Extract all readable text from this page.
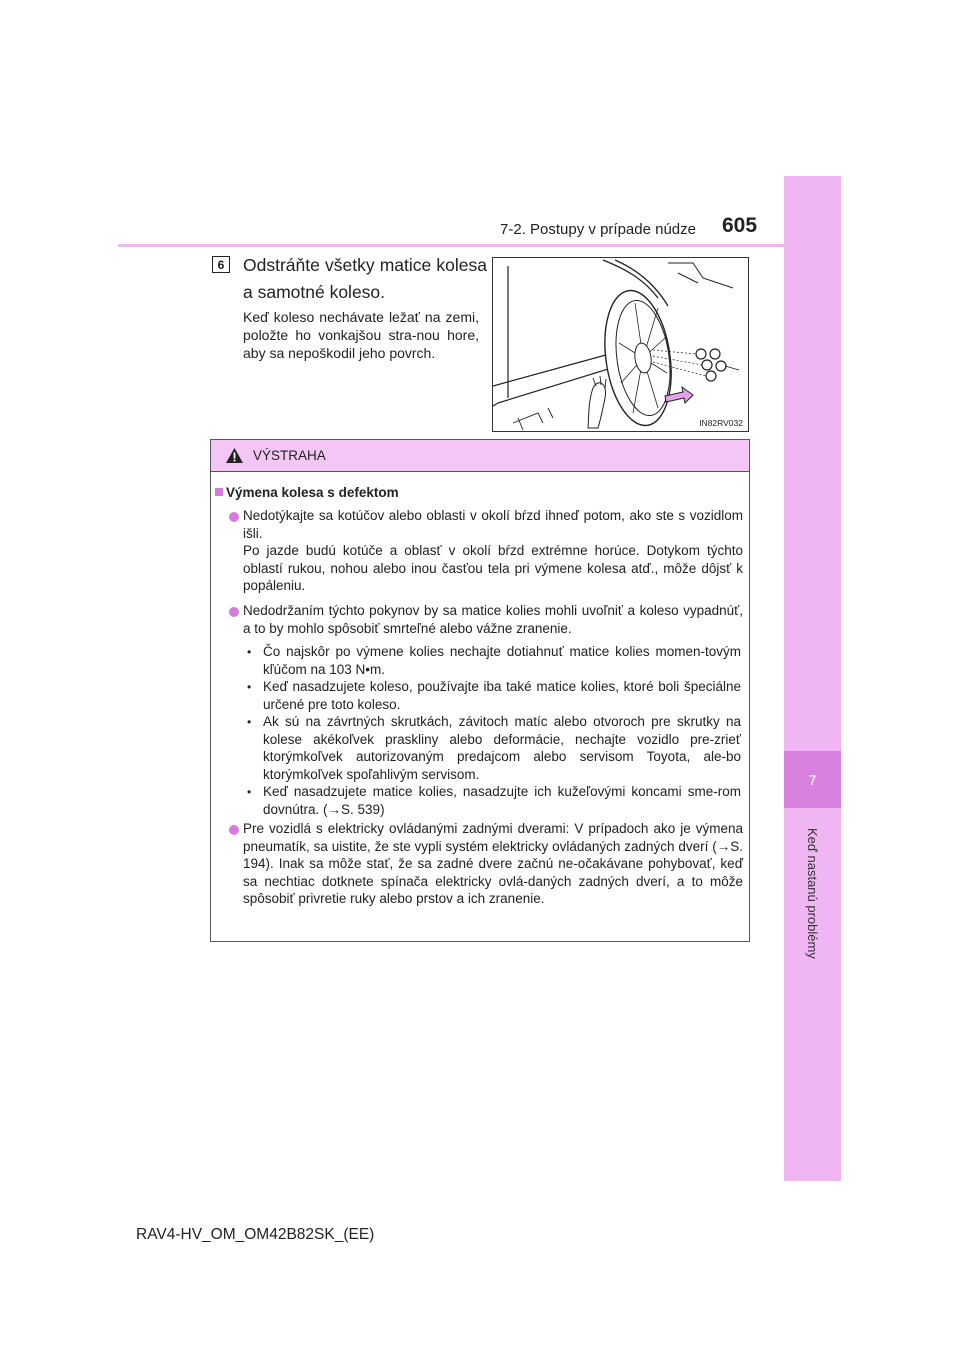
7
Keď nastanú problémy
7-2. Postupy v prípade núdze 605
6	Odstráňte všetky matice kolesa a samotné koleso.
Keď koleso nechávate ležať na zemi, položte ho vonkajšou stra-nou hore, aby sa nepoškodil jeho povrch.
IN82RV032
VÝSTRAHA
Výmena kolesa s defektom
Nedotýkajte sa kotúčov alebo oblasti v okolí bŕzd ihneď potom, ako ste s vozidlom išli.
Po jazde budú kotúče a oblasť v okolí bŕzd extrémne horúce. Dotykom týchto oblastí rukou, nohou alebo inou časťou tela pri výmene kolesa atď., môže dôjsť k popáleniu.
Nedodržaním týchto pokynov by sa matice kolies mohli uvoľniť a koleso vypadnúť, a to by mohlo spôsobiť smrteľné alebo vážne zranenie.
• Čo najskôr po výmene kolies nechajte dotiahnuť matice kolies momen-tovým kľúčom na 103 N•m.
• Keď nasadzujete koleso, používajte iba také matice kolies, ktoré boli špeciálne určené pre toto koleso.
• Ak sú na závrtných skrutkách, závitoch matíc alebo otvoroch pre skrutky na kolese akékoľvek praskliny alebo deformácie, nechajte vozidlo pre-zrieť ktorýmkoľvek autorizovaným predajcom alebo servisom Toyota, ale-bo ktorýmkoľvek spoľahlivým servisom.
• Keď nasadzujete matice kolies, nasadzujte ich kužeľovými koncami sme-rom dovnútra. (→S. 539)
Pre vozidlá s elektricky ovládanými zadnými dverami: V prípadoch ako je výmena pneumatík, sa uistite, že ste vypli systém elektricky ovládaných zadných dverí (→S. 194). Inak sa môže stať, že sa zadné dvere začnú ne-očakávane pohybovať, keď sa nechtiac dotknete spínača elektricky ovlá-daných zadných dverí, a to môže spôsobiť privretie ruky alebo prstov a ich zranenie.
RAV4-HV_OM_OM42B82SK_(EE)
